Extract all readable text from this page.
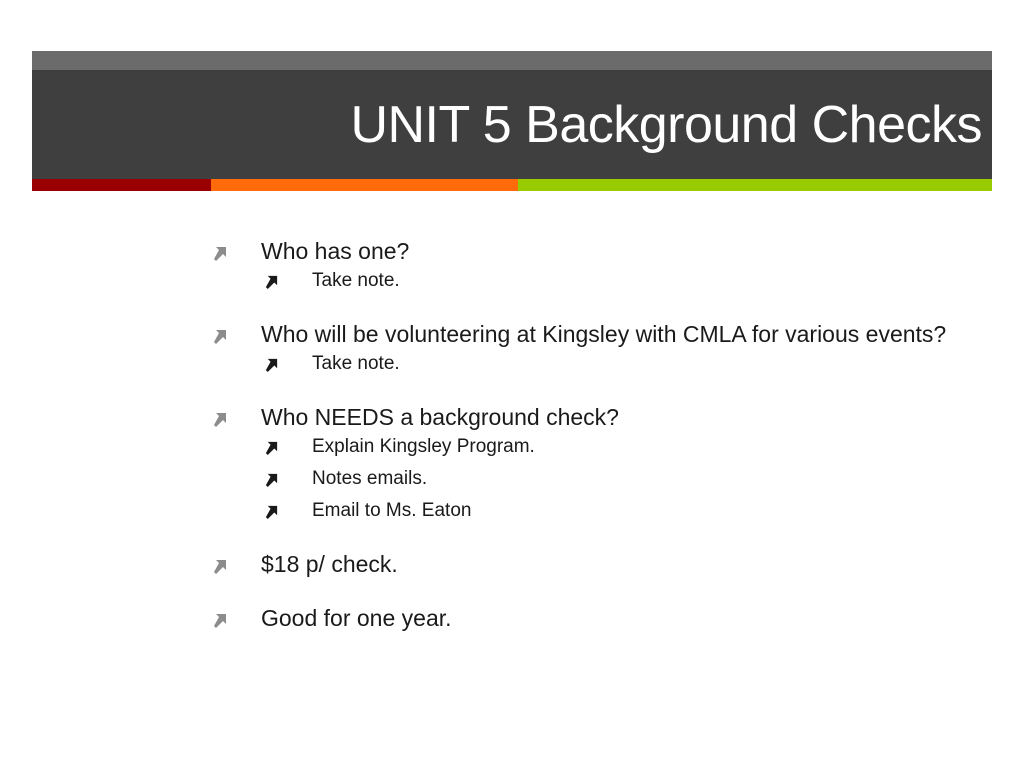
UNIT 5 Background Checks
Who has one?
Take note.
Who will be volunteering at Kingsley with CMLA for various events?
Take note.
Who NEEDS a background check?
Explain Kingsley Program.
Notes emails.
Email to Ms. Eaton
$18 p/ check.
Good for one year.
